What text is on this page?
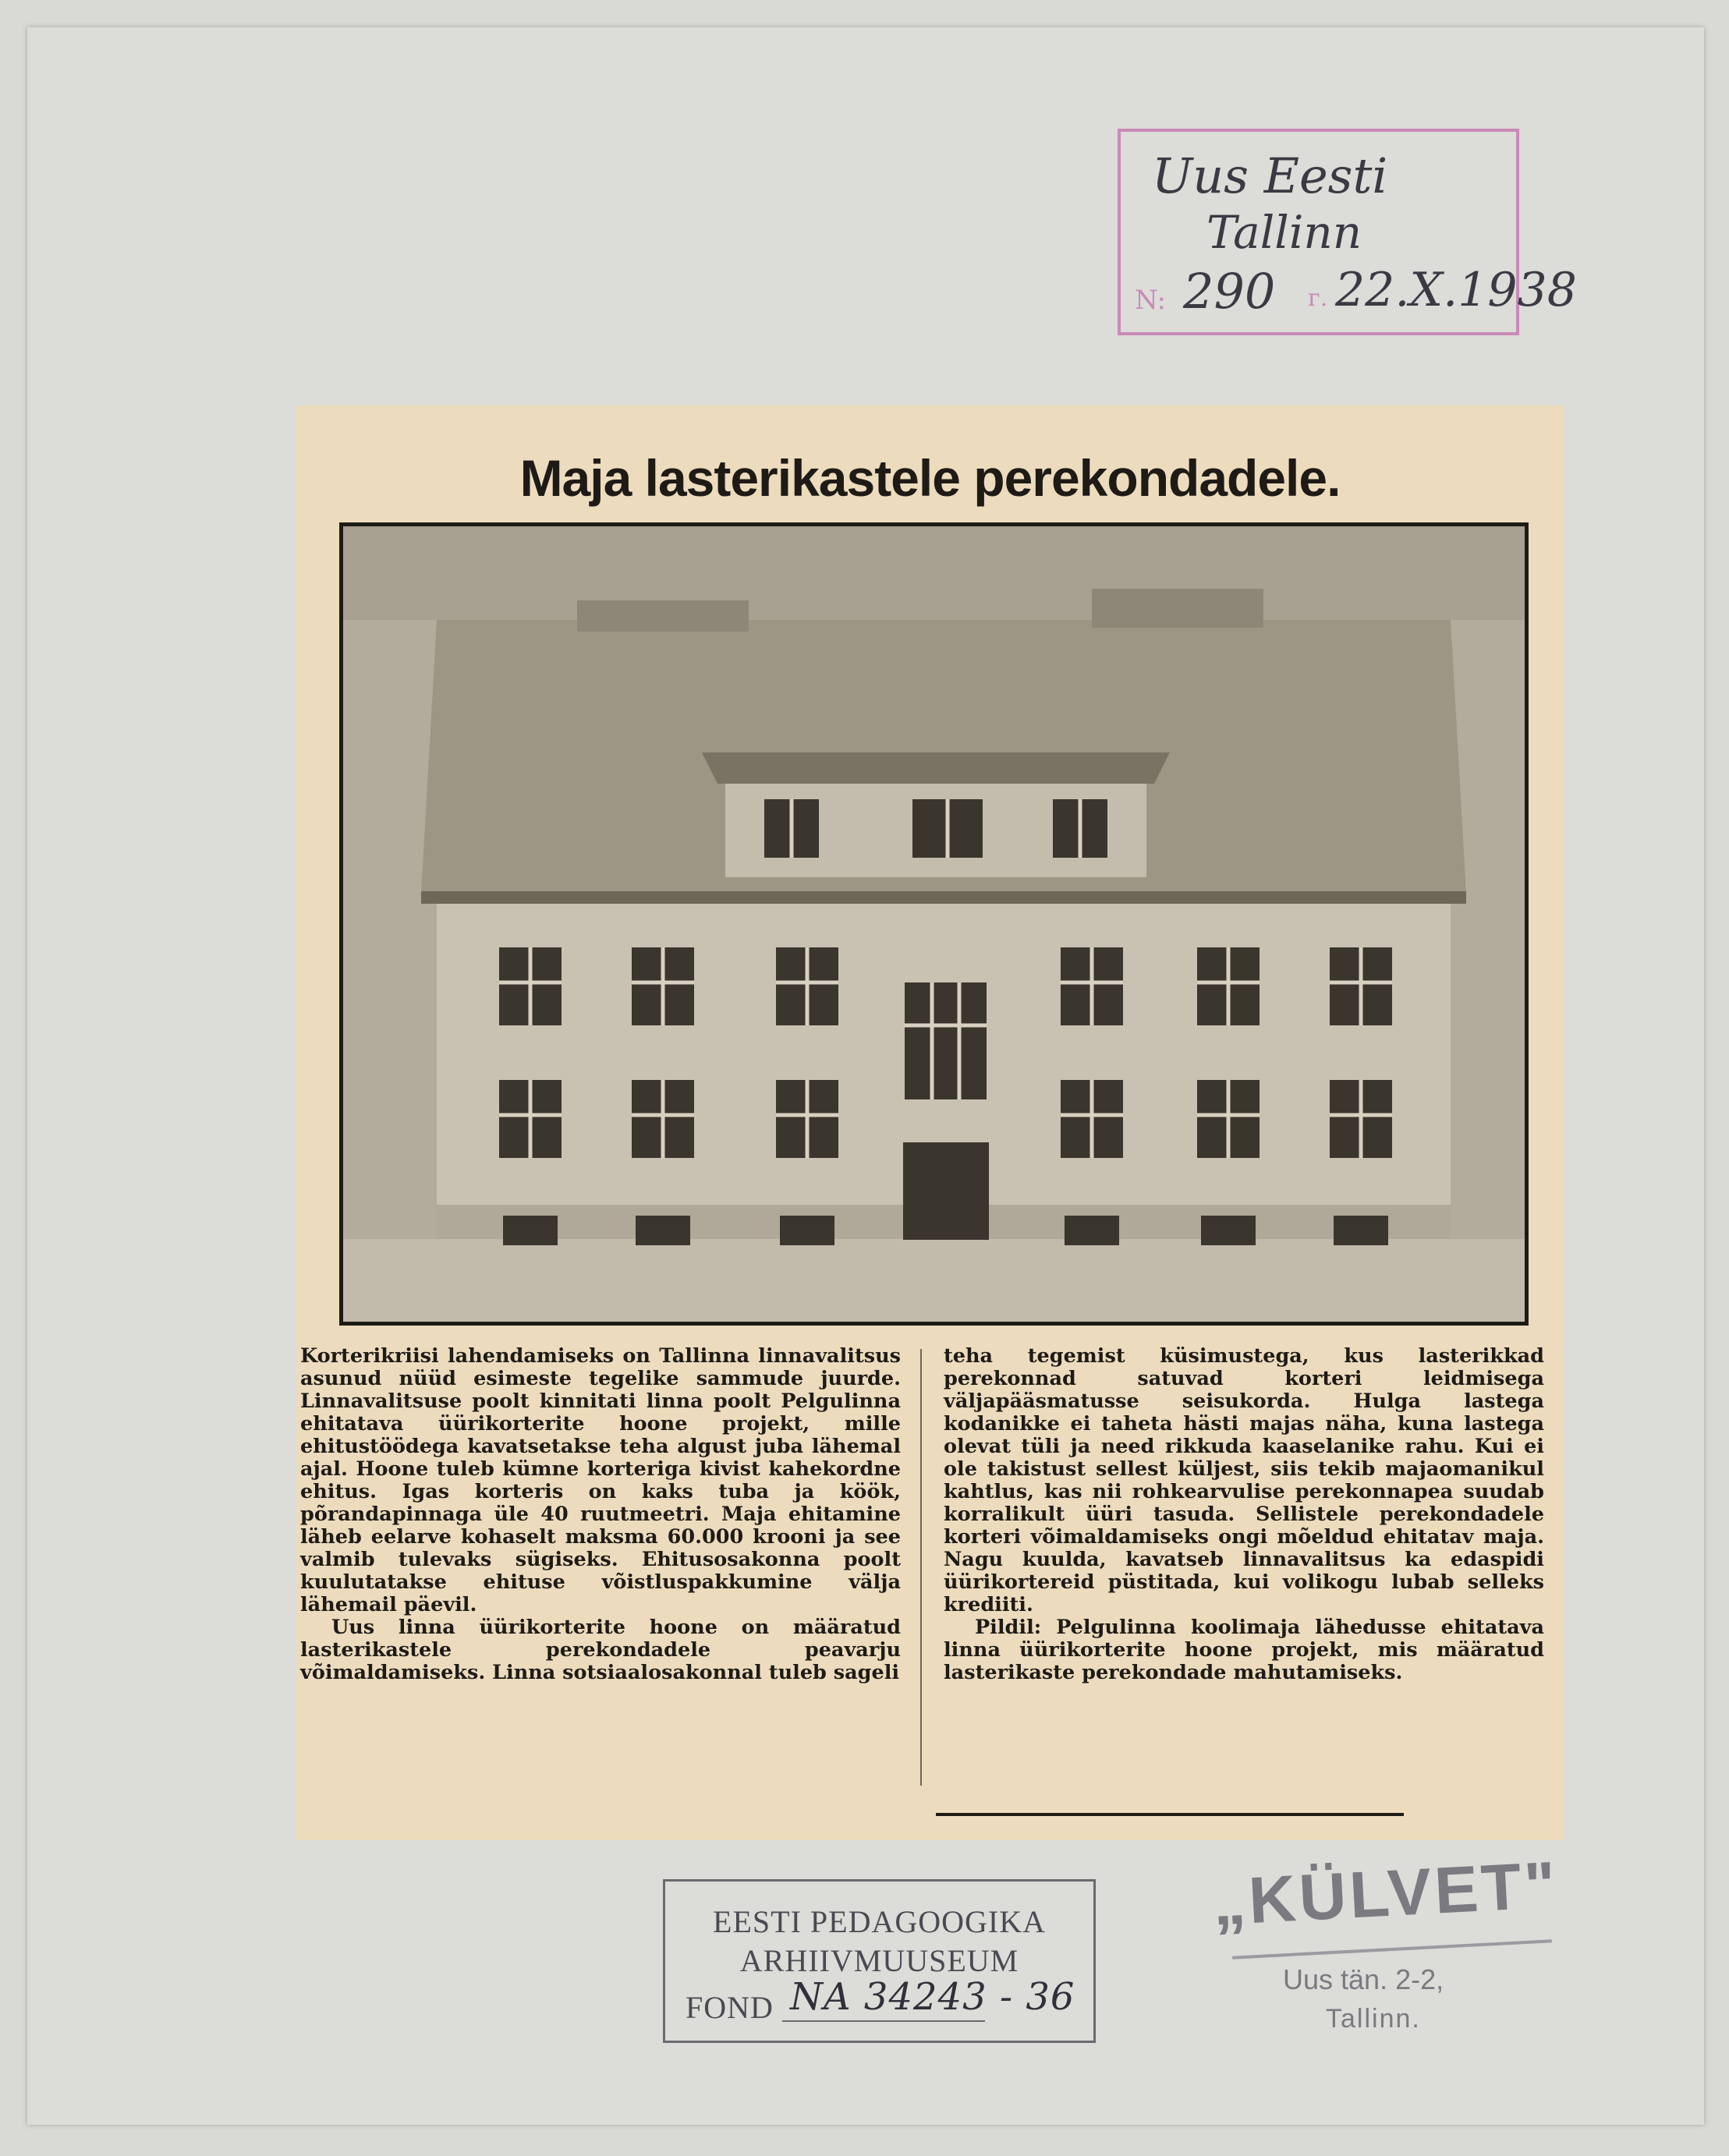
Uus Eesti
Tallinn
N: 290 г. 22.X.1938
Maja lasterikastele perekondadele.

Korterikriisi lahendamiseks on Tallinna linnavalitsus asunud nüüd esimeste tegelike sammude juurde. Linnavalitsuse poolt kinnitati linna poolt Pelgulinna ehitatava üürikorterite hoone projekt, mille ehitustöödega kavatsetakse teha algust juba lähemal ajal. Hoone tuleb kümne korteriga kivist kahekordne ehitus. Igas korteris on kaks tuba ja köök, põrandapinnaga üle 40 ruutmeetri. Maja ehitamine läheb eelarve kohaselt maksma 60.000 krooni ja see valmib tulevaks sügiseks. Ehitusosakonna poolt kuulutatakse ehituse võistluspakkumine välja lähemail päevil.

Uus linna üürikorterite hoone on määratud lasterikastele perekondadele peavarju võimaldamiseks. Linna sotsiaalosakonnal tuleb sageli

teha tegemist küsimustega, kus lasterikkad perekonnad satuvad korteri leidmisega väljapääsmatusse seisukorda. Hulga lastega kodanikke ei taheta hästi majas näha, kuna lastega olevat tüli ja need rikkuda kaaselanike rahu. Kui ei ole takistust sellest küljest, siis tekib majaomanikul kahtlus, kas nii rohkearvulise perekonnapea suudab korralikult üüri tasuda. Sellistele perekondadele korteri võimaldamiseks ongi mõeldud ehitatav maja. Nagu kuulda, kavatseb linnavalitsus ka edaspidi üürikortereid püstitada, kui volikogu lubab selleks krediiti.

Pildil: Pelgulinna koolimaja lähedusse ehitatava linna üürikorterite hoone projekt, mis määratud lasterikaste perekondade mahutamiseks.

EESTI PEDAGOOGIKA
ARHIIVMUUSEUM
FOND NA 34243 - 36
„KÜLVET"
Uus tän. 2-2,
Tallinn.
